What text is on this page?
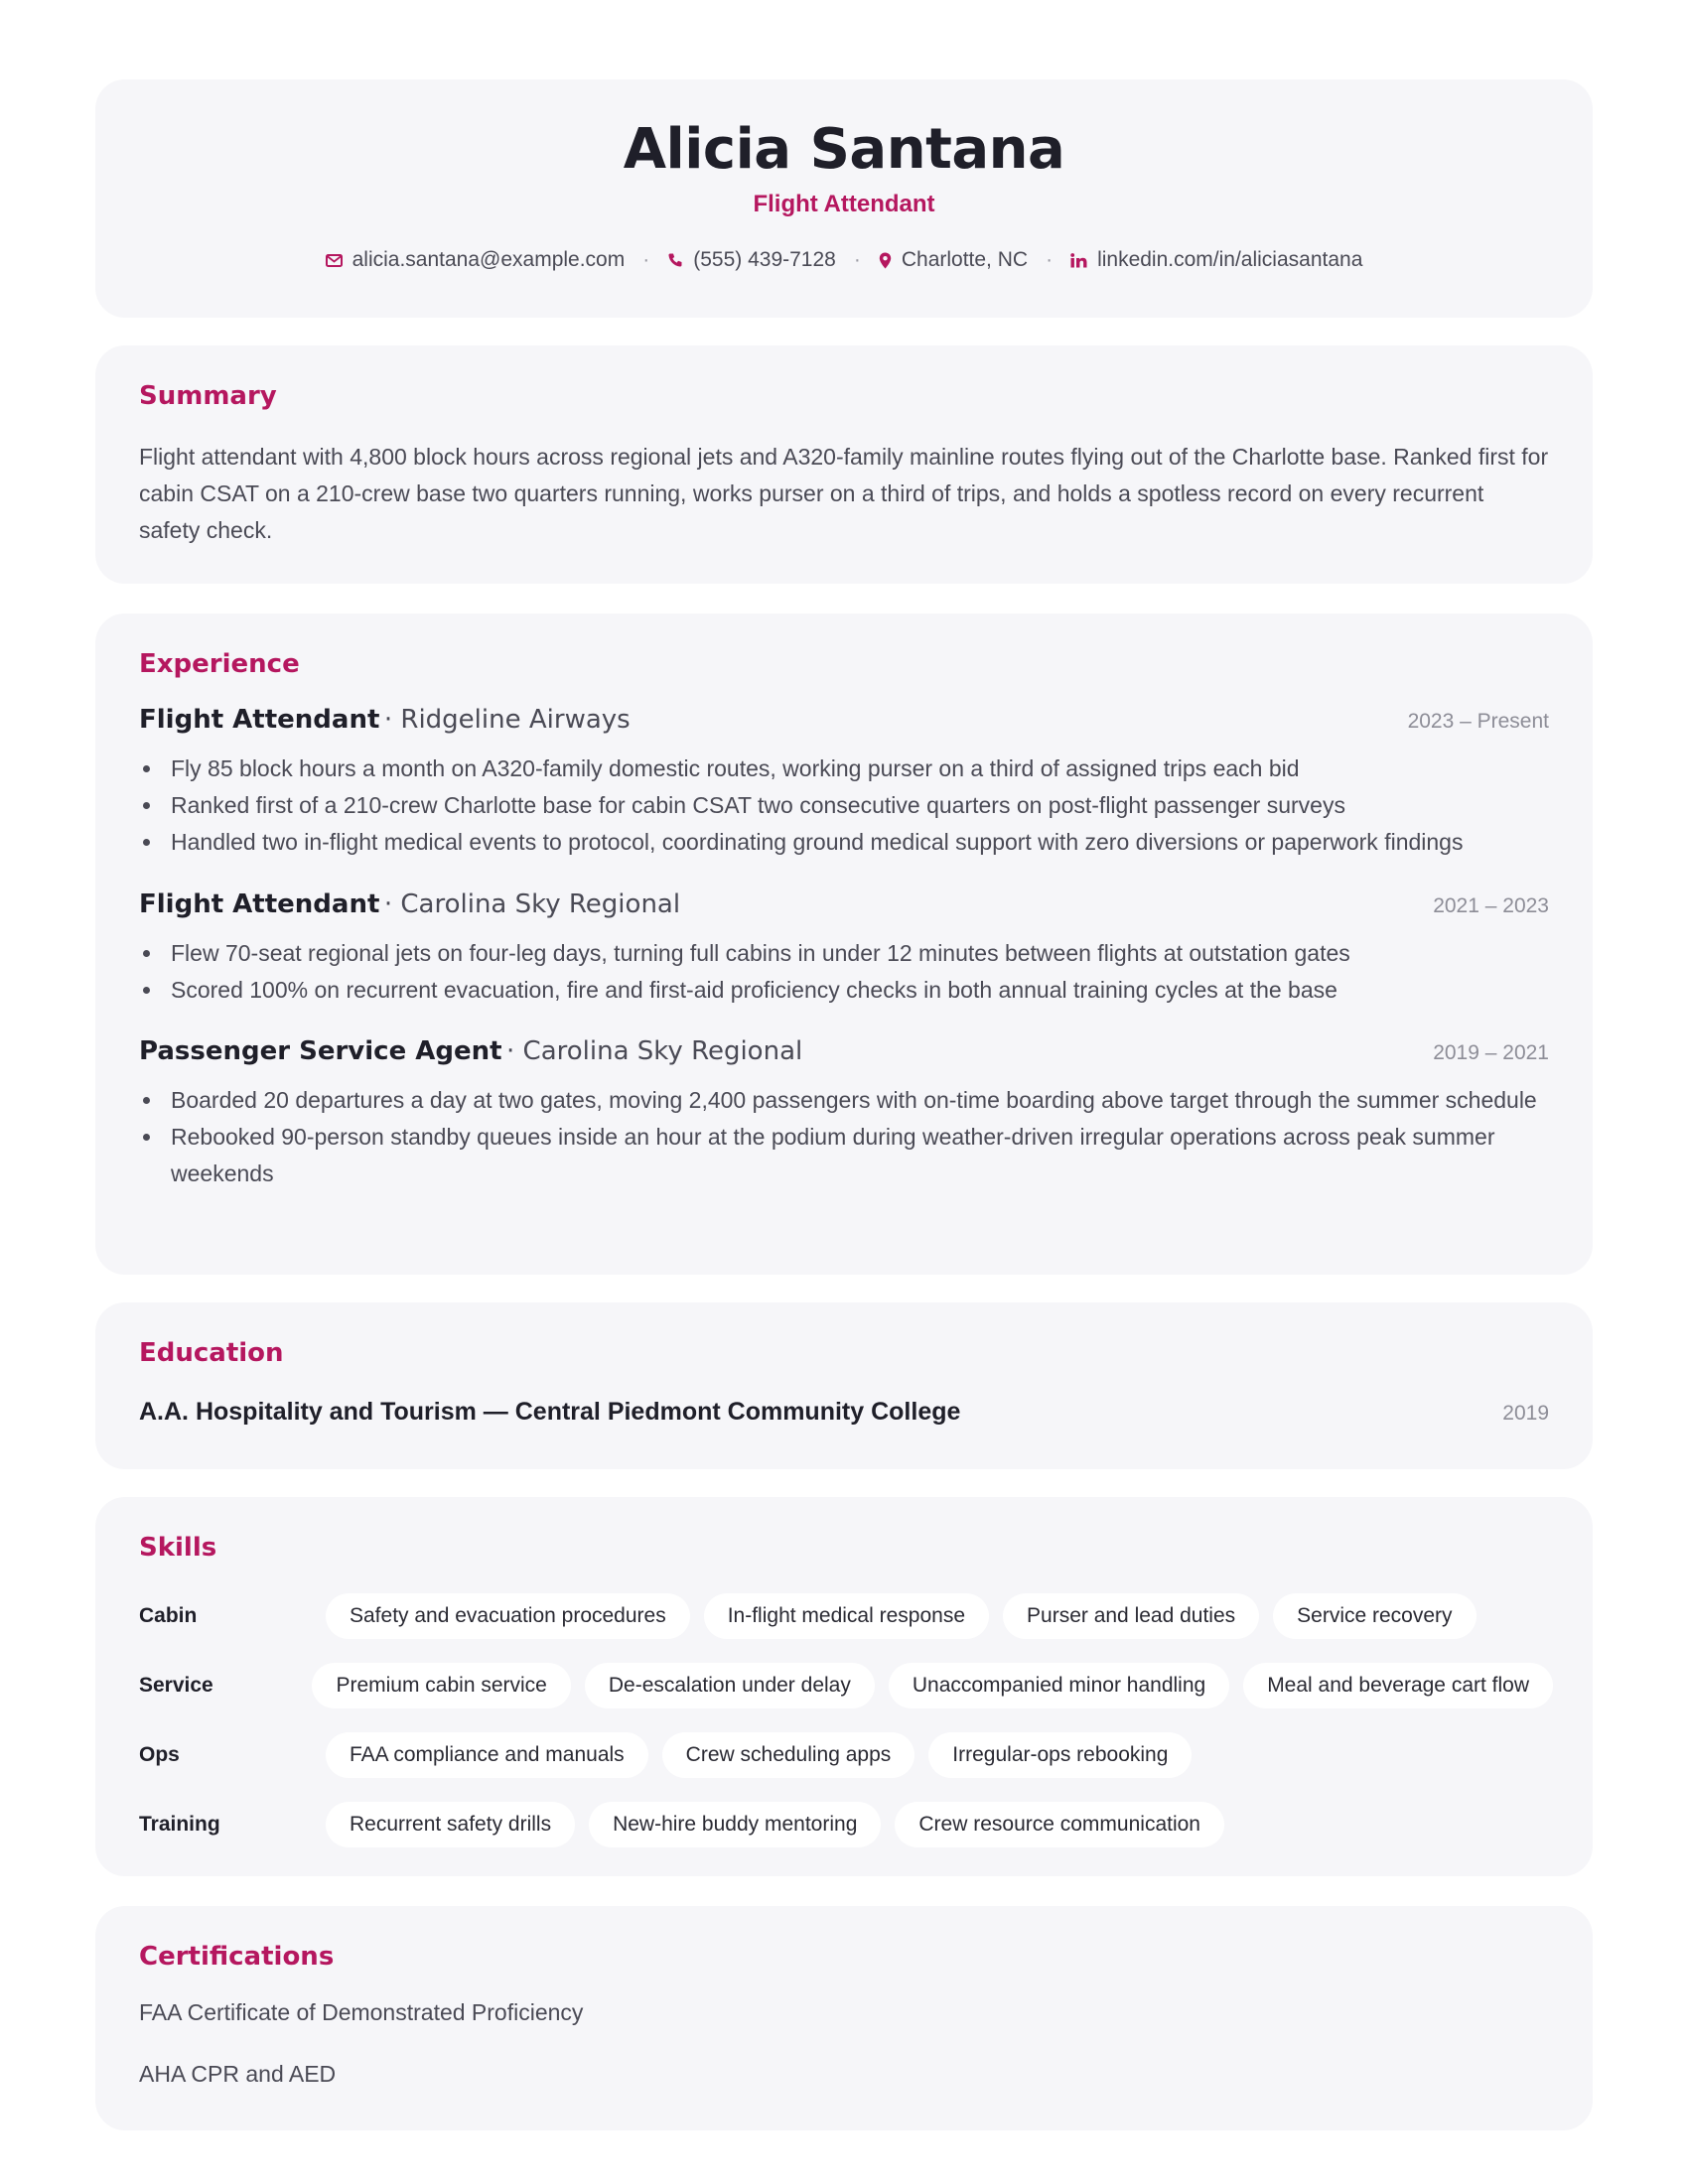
Alicia Santana
Flight Attendant
alicia.santana@example.com · (555) 439-7128 · Charlotte, NC · linkedin.com/in/aliciasantana
Summary

Flight attendant with 4,800 block hours across regional jets and A320-family mainline routes flying out of the Charlotte base. Ranked first for cabin CSAT on a 210-crew base two quarters running, works purser on a third of trips, and holds a spotless record on every recurrent safety check.

Experience
Flight Attendant · Ridgeline Airways	2023 – Present
Fly 85 block hours a month on A320-family domestic routes, working purser on a third of assigned trips each bid
Ranked first of a 210-crew Charlotte base for cabin CSAT two consecutive quarters on post-flight passenger surveys
Handled two in-flight medical events to protocol, coordinating ground medical support with zero diversions or paperwork findings
Flight Attendant · Carolina Sky Regional	2021 – 2023
Flew 70-seat regional jets on four-leg days, turning full cabins in under 12 minutes between flights at outstation gates
Scored 100% on recurrent evacuation, fire and first-aid proficiency checks in both annual training cycles at the base
Passenger Service Agent · Carolina Sky Regional	2019 – 2021
Boarded 20 departures a day at two gates, moving 2,400 passengers with on-time boarding above target through the summer schedule
Rebooked 90-person standby queues inside an hour at the podium during weather-driven irregular operations across peak summer weekends
Education
A.A. Hospitality and Tourism — Central Piedmont Community College	2019
Skills
Cabin	Safety and evacuation procedures	In-flight medical response	Purser and lead duties	Service recovery
Service	Premium cabin service	De-escalation under delay	Unaccompanied minor handling	Meal and beverage cart flow
Ops	FAA compliance and manuals	Crew scheduling apps	Irregular-ops rebooking
Training	Recurrent safety drills	New-hire buddy mentoring	Crew resource communication
Certifications
FAA Certificate of Demonstrated Proficiency
AHA CPR and AED
